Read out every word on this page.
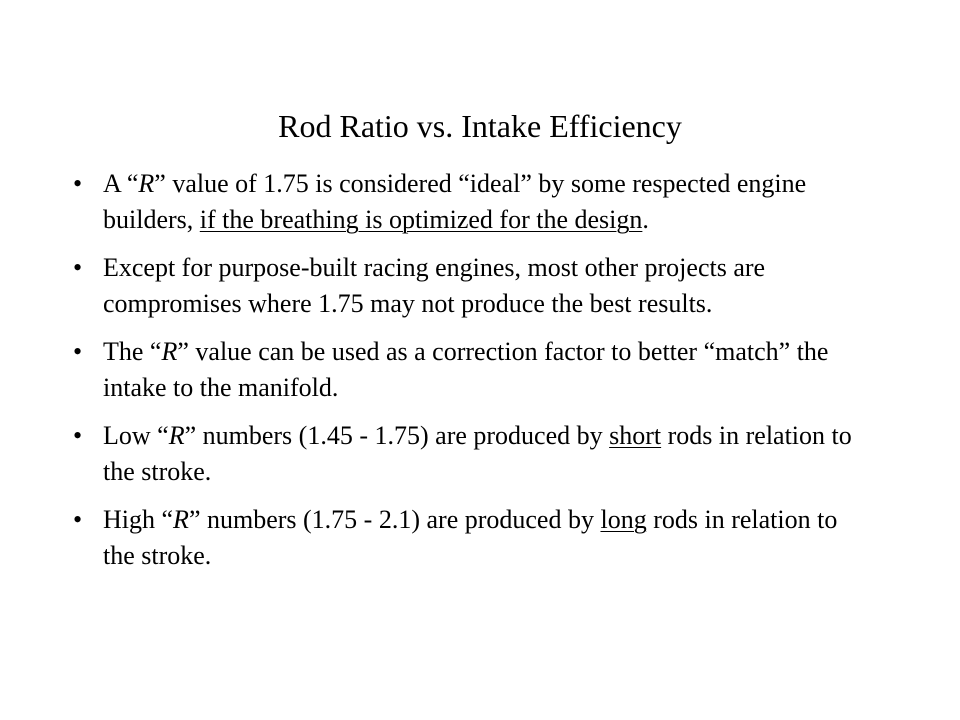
Rod Ratio vs. Intake Efficiency
• A “R” value of 1.75 is considered “ideal” by some respected engine builders, if the breathing is optimized for the design.
• Except for purpose-built racing engines, most other projects are compromises where 1.75 may not produce the best results.
• The “R” value can be used as a correction factor to better “match” the intake to the manifold.
• Low “R” numbers (1.45 - 1.75) are produced by short rods in relation to the stroke.
• High “R” numbers (1.75 - 2.1) are produced by long rods in relation to the stroke.
